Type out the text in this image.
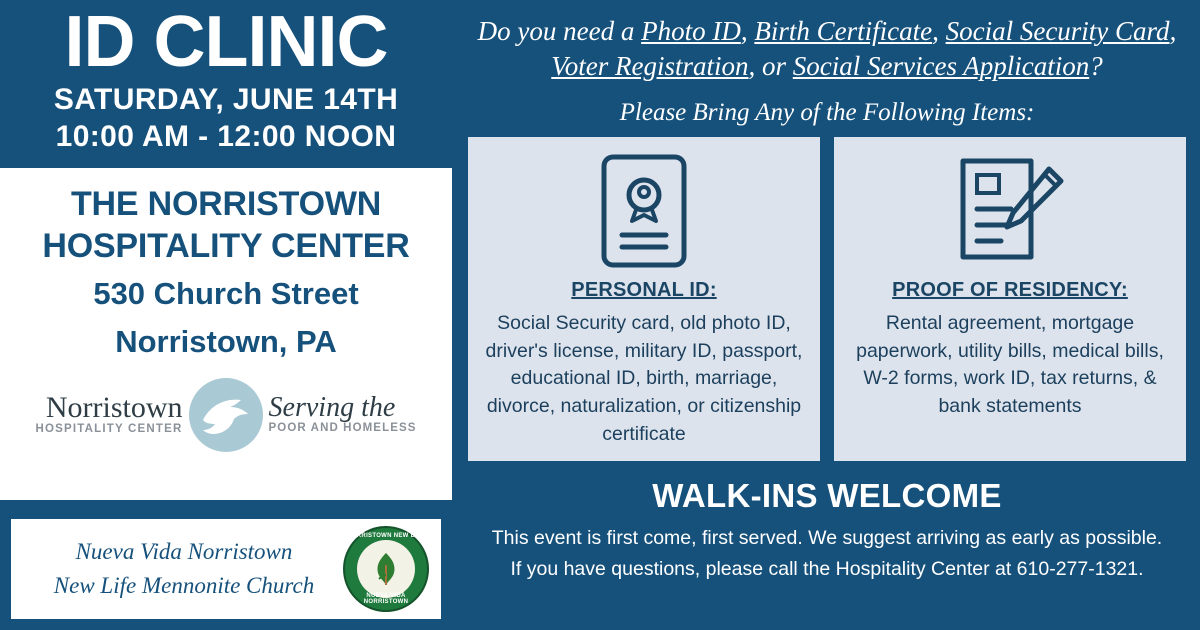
ID CLINIC
SATURDAY, JUNE 14TH
10:00 AM - 12:00 NOON
THE NORRISTOWN
HOSPITALITY CENTER
530 Church Street
Norristown, PA
Norristown
HOSPITALITY CENTER
Serving the
POOR AND HOMELESS
Nueva Vida Norristown
New Life Mennonite Church
NORRISTOWN NEW LIFE
NUEVA VIDA NORRISTOWN
Do you need a Photo ID, Birth Certificate, Social Security Card, Voter Registration, or Social Services Application?
Please Bring Any of the Following Items:
PERSONAL ID:
Social Security card, old photo ID, driver's license, military ID, passport, educational ID, birth, marriage, divorce, naturalization, or citizenship certificate
PROOF OF RESIDENCY:
Rental agreement, mortgage paperwork, utility bills, medical bills, W-2 forms, work ID, tax returns, & bank statements
WALK-INS WELCOME
This event is first come, first served. We suggest arriving as early as possible.
If you have questions, please call the Hospitality Center at 610-277-1321.
